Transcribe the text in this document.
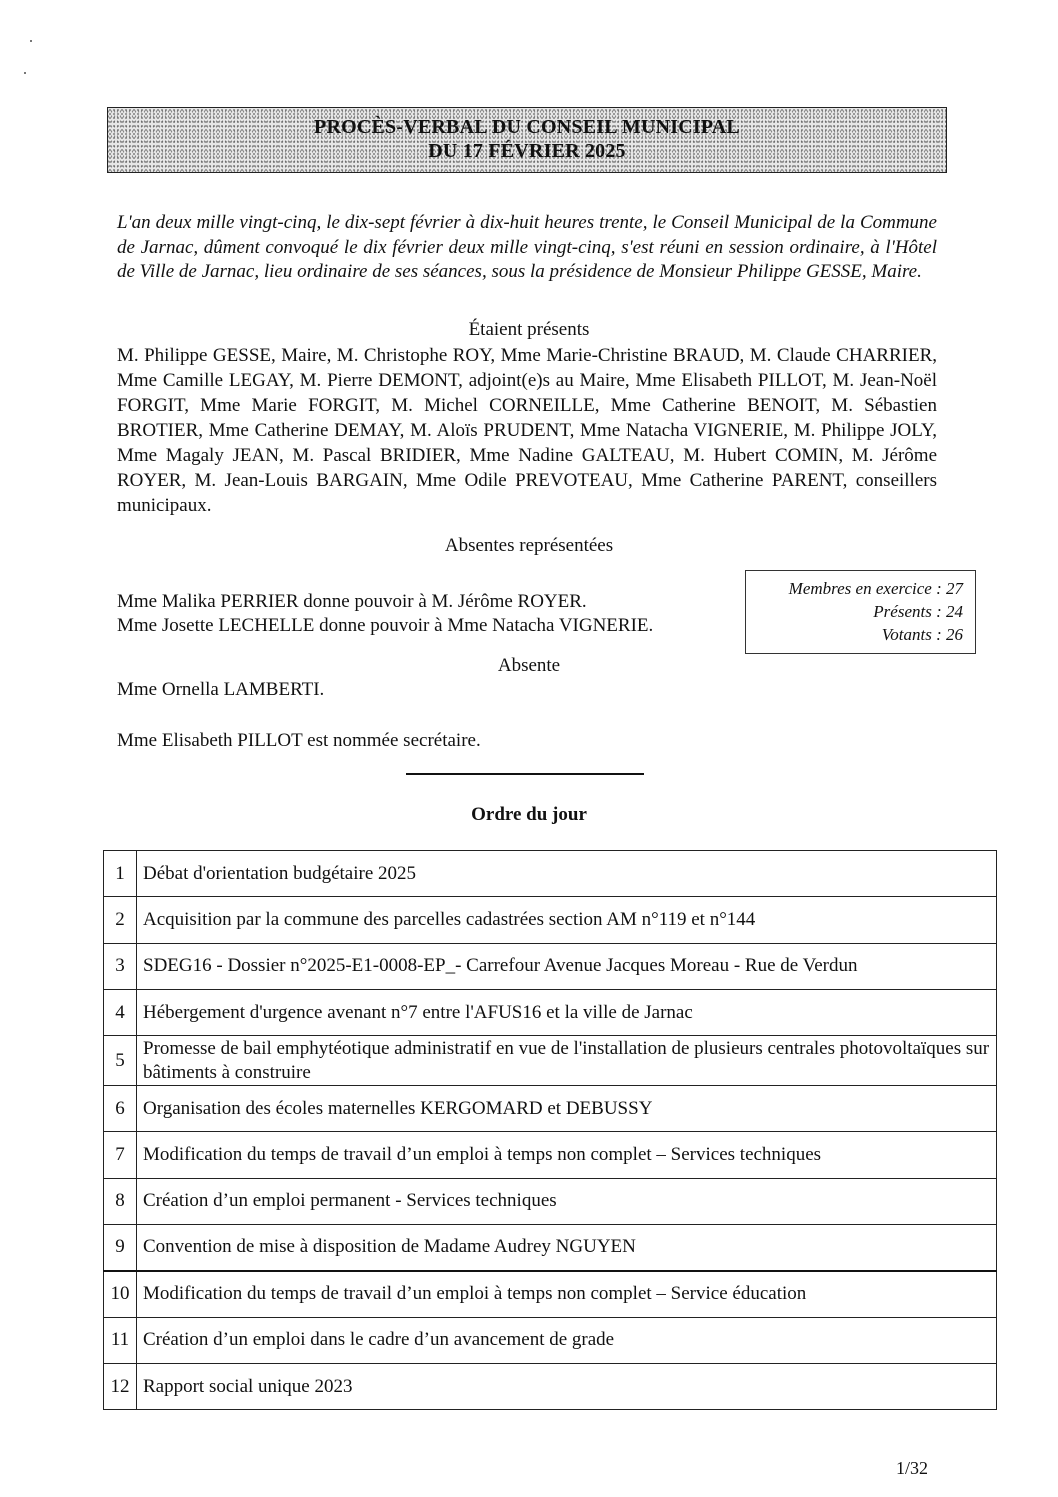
PROCÈS-VERBAL DU CONSEIL MUNICIPAL
DU 17 FÉVRIER 2025
L'an deux mille vingt-cinq, le dix-sept février à dix-huit heures trente, le Conseil Municipal de la Commune de Jarnac, dûment convoqué le dix février deux mille vingt-cinq, s'est réuni en session ordinaire, à l'Hôtel de Ville de Jarnac, lieu ordinaire de ses séances, sous la présidence de Monsieur Philippe GESSE, Maire.
Étaient présents
M. Philippe GESSE, Maire, M. Christophe ROY, Mme Marie-Christine BRAUD, M. Claude CHARRIER, Mme Camille LEGAY, M. Pierre DEMONT, adjoint(e)s au Maire, Mme Elisabeth PILLOT, M. Jean-Noël FORGIT, Mme Marie FORGIT, M. Michel CORNEILLE, Mme Catherine BENOIT, M. Sébastien BROTIER, Mme Catherine DEMAY, M. Aloïs PRUDENT, Mme Natacha VIGNERIE, M. Philippe JOLY, Mme Magaly JEAN, M. Pascal BRIDIER, Mme Nadine GALTEAU, M. Hubert COMIN, M. Jérôme ROYER, M. Jean-Louis BARGAIN, Mme Odile PREVOTEAU, Mme Catherine PARENT, conseillers municipaux.
Absentes représentées
Mme Malika PERRIER donne pouvoir à M. Jérôme ROYER.
Mme Josette LECHELLE donne pouvoir à Mme Natacha VIGNERIE.
Membres en exercice : 27
Présents : 24
Votants : 26
Absente
Mme Ornella LAMBERTI.
Mme Elisabeth PILLOT est nommée secrétaire.
Ordre du jour
1	Débat d'orientation budgétaire 2025
2	Acquisition par la commune des parcelles cadastrées section AM n°119 et n°144
3	SDEG16 - Dossier n°2025-E1-0008-EP_- Carrefour Avenue Jacques Moreau - Rue de Verdun
4	Hébergement d'urgence avenant n°7 entre l'AFUS16 et la ville de Jarnac
5	Promesse de bail emphytéotique administratif en vue de l'installation de plusieurs centrales photovoltaïques sur bâtiments à construire
6	Organisation des écoles maternelles KERGOMARD et DEBUSSY
7	Modification du temps de travail d’un emploi à temps non complet – Services techniques
8	Création d’un emploi permanent - Services techniques
9	Convention de mise à disposition de Madame Audrey NGUYEN
10	Modification du temps de travail d’un emploi à temps non complet – Service éducation
11	Création d’un emploi dans le cadre d’un avancement de grade
12	Rapport social unique 2023
1/32
